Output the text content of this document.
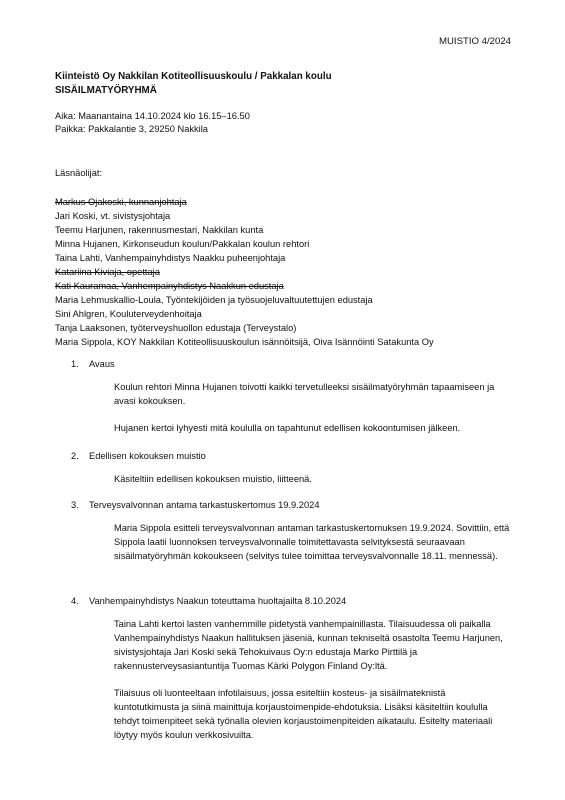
MUISTIO 4/2024
Kiinteistö Oy Nakkilan Kotiteollisuuskoulu / Pakkalan koulu
SISÄILMATYÖRYHMÄ
Aika: Maanantaina 14.10.2024 klo 16.15–16.50
Paikka: Pakkalantie 3, 29250 Nakkila
Läsnäolijat:
Markus Ojakoski, kunnanjohtaja
Jari Koski, vt. sivistysjohtaja
Teemu Harjunen, rakennusmestari, Nakkilan kunta
Minna Hujanen, Kirkonseudun koulun/Pakkalan koulun rehtori
Taina Lahti, Vanhempainyhdistys Naakku puheenjohtaja
Katariina Kiviaja, opettaja
Kati Kauramaa, Vanhempainyhdistys Naakkun edustaja
Maria Lehmuskallio-Loula, Työntekijöiden ja työsuojeluvaltuutettujen edustaja
Sini Ahlgren, Kouluterveydenhoitaja
Tanja Laaksonen, työterveyshuollon edustaja (Terveystalo)
Maria Sippola, KOY Nakkilan Kotiteollisuuskoulun isännöitsijä, Oiva Isännöinti Satakunta Oy
1.	Avaus

Koulun rehtori Minna Hujanen toivotti kaikki tervetulleeksi sisäilmatyöryhmän tapaamiseen ja avasi kokouksen.

Hujanen kertoi lyhyesti mitä koululla on tapahtunut edellisen kokoontumisen jälkeen.

2.	Edellisen kokouksen muistio

Käsiteltiin edellisen kokouksen muistio, liitteenä.

3.	Terveysvalvonnan antama tarkastuskertomus 19.9.2024

Maria Sippola esitteli terveysvalvonnan antaman tarkastuskertomuksen 19.9.2024. Sovittiin, että Sippola laatii luonnoksen terveysvalvonnalle toimitettavasta selvityksestä seuraavaan sisäilmatyöryhmän kokoukseen (selvitys tulee toimittaa terveysvalvonnalle 18.11. mennessä).

4.	Vanhempainyhdistys Naakun toteuttama huoltajailta 8.10.2024

Taina Lahti kertoi lasten vanhemmille pidetystä vanhempainillasta. Tilaisuudessa oli paikalla Vanhempainyhdistys Naakun hallituksen jäseniä, kunnan tekniseltä osastolta Teemu Harjunen, sivistysjohtaja Jari Koski sekä Tehokuivaus Oy:n edustaja Marko Pirttilä ja rakennusterveysasiantuntija Tuomas Kärki Polygon Finland Oy:ltä.

Tilaisuus oli luonteeltaan infotilaisuus, jossa esiteltiin kosteus- ja sisäilmateknistä kuntotutkimusta ja siinä mainittuja korjaustoimenpide-ehdotuksia. Lisäksi käsiteltiin koululla tehdyt toimenpiteet sekä työnalla olevien korjaustoimenpiteiden aikataulu. Esitelty materiaali löytyy myös koulun verkkosivuilta.
